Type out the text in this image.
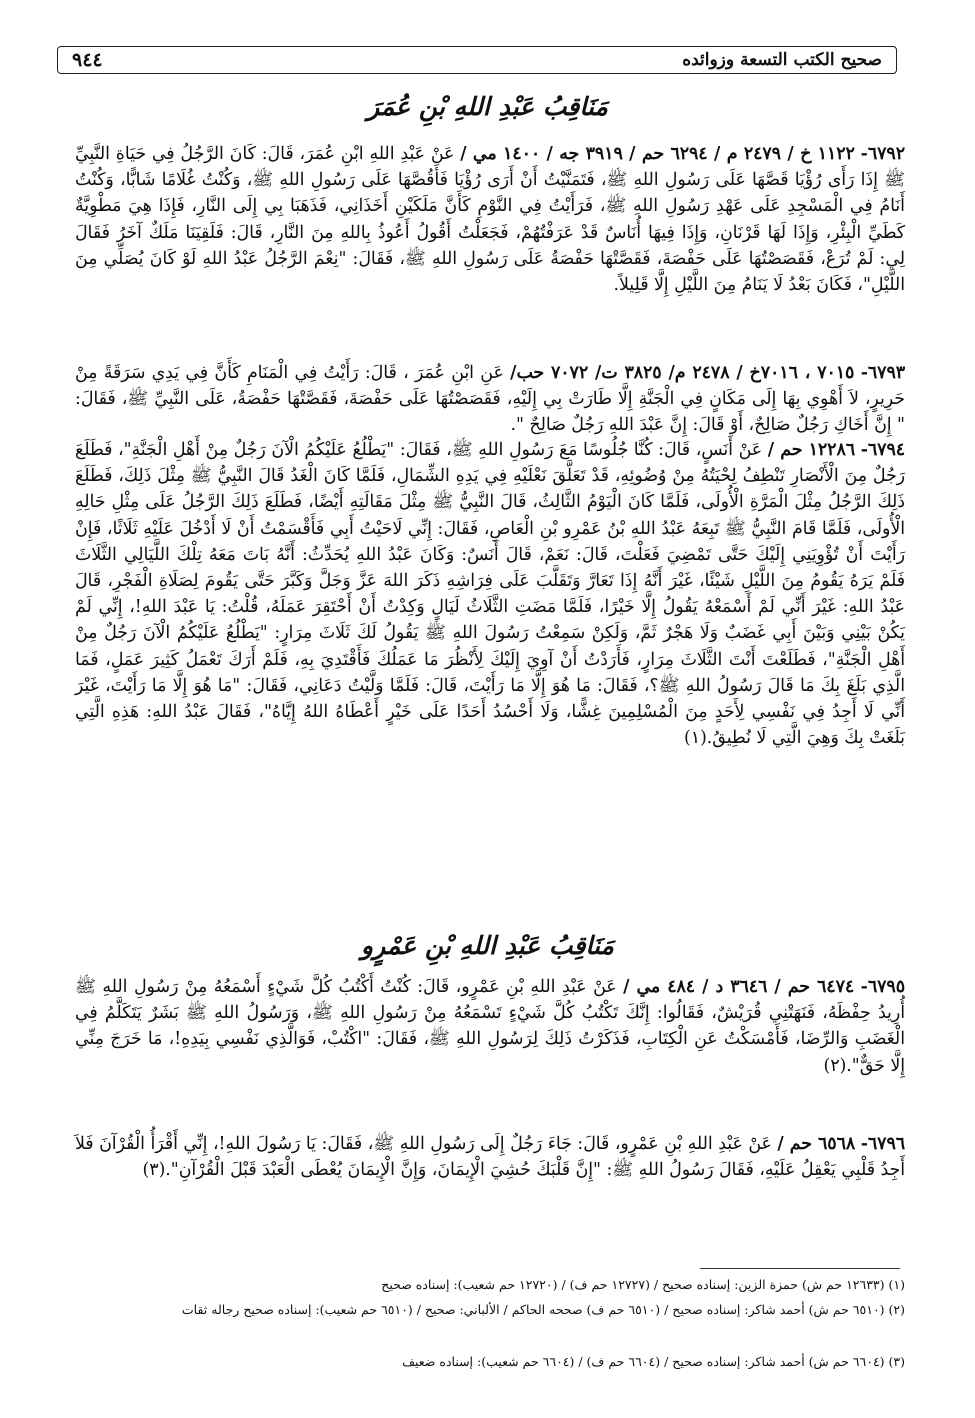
صحيح الكتب التسعة وزوائده
٩٤٤
مَنَاقِبُ عَبْدِ اللهِ بْنِ عُمَرَ
٦٧٩٢- ١١٢٢ خ / ٢٤٧٩ م / ٦٢٩٤ حم / ٣٩١٩ جه / ١٤٠٠ مي / عَنْ عَبْدِ اللهِ ابْنِ عُمَرَ، قَالَ: كَانَ الرَّجُلُ فِي حَيَاةِ النَّبِيِّ ﷺ إِذَا رَأَى رُؤْيَا قَصَّهَا عَلَى رَسُولِ اللهِ ﷺ، فَتَمَنَّيْتُ أَنْ أَرَى رُؤْيَا فَأَقُصَّهَا عَلَى رَسُولِ اللهِ ﷺ، وَكُنْتُ غُلَامًا شَابًّا، وَكُنْتُ أَنَامُ فِي الْمَسْجِدِ عَلَى عَهْدِ رَسُولِ اللهِ ﷺ، فَرَأَيْتُ فِي النَّوْمِ كَأَنَّ مَلَكَيْنِ أَخَذَانِي، فَذَهَبَا بِي إِلَى النَّارِ، فَإِذَا هِيَ مَطْوِيَّةٌ كَطَيِّ الْبِئْرِ، وَإِذَا لَهَا قَرْنَانِ، وَإِذَا فِيهَا أُنَاسٌ قَدْ عَرَفْتُهُمْ، فَجَعَلْتُ أَقُولُ أَعُوذُ بِاللهِ مِنَ النَّارِ، قَالَ: فَلَقِيَنَا مَلَكٌ آخَرُ فَقَالَ لِي: لَمْ تُرَعْ، فَقَصَصْتُهَا عَلَى حَفْصَةَ، فَقَصَّتْهَا حَفْصَةُ عَلَى رَسُولِ اللهِ ﷺ، فَقَالَ: "نِعْمَ الرَّجُلُ عَبْدُ اللهِ لَوْ كَانَ يُصَلِّي مِنَ اللَّيْلِ"، فَكَانَ بَعْدُ لَا يَنَامُ مِنَ اللَّيْلِ إِلَّا قَلِيلاً.
٦٧٩٣- ٧٠١٥ ، ٧٠١٦خ / ٢٤٧٨ م/ ٣٨٢٥ ت/ ٧٠٧٢ حب/ عَنِ ابْنِ عُمَرَ ، قَالَ: رَأَيْتُ فِي الْمَنَامِ كَأَنَّ فِي يَدِي سَرَقَةً مِنْ حَرِيرٍ، لاَ أَهْوِي بِهَا إِلَى مَكَانٍ فِي الْجَنَّةِ إِلَّا طَارَتْ بِي إِلَيْهِ، فَقَصَصْتُهَا عَلَى حَفْصَةَ، فَقَصَّتْهَا حَفْصَةُ، عَلَى النَّبِيِّ ﷺ، فَقَالَ: " إِنَّ أَخَاكِ رَجُلٌ صَالِحٌ، أَوْ قَالَ: إِنَّ عَبْدَ اللهِ رَجُلٌ صَالِحٌ ".
٦٧٩٤- ١٢٢٨٦ حم / عَنْ أَنَسٍ، قَالَ: كُنَّا جُلُوسًا مَعَ رَسُولِ اللهِ ﷺ، فَقَالَ: "يَطْلُعُ عَلَيْكُمُ الْآنَ رَجُلٌ مِنْ أَهْلِ الْجَنَّةِ"، فَطَلَعَ رَجُلٌ مِنَ الْأَنْصَارِ تَنْطِفُ لِحْيَتُهُ مِنْ وُضُوئِهِ، قَدْ تَعَلَّقَ نَعْلَيْهِ فِي يَدِهِ الشِّمَالِ، فَلَمَّا كَانَ الْغَدُ قَالَ النَّبِيُّ ﷺ مِثْلَ ذَلِكَ، فَطَلَعَ ذَلِكَ الرَّجُلُ مِثْلَ الْمَرَّةِ الْأُولَى، فَلَمَّا كَانَ الْيَوْمُ الثَّالِثُ، قَالَ النَّبِيُّ ﷺ مِثْلَ مَقَالَتِهِ أَيْضًا، فَطَلَعَ ذَلِكَ الرَّجُلُ عَلَى مِثْلِ حَالِهِ الْأُولَى، فَلَمَّا قَامَ النَّبِيُّ ﷺ تَبِعَهُ عَبْدُ اللهِ بْنُ عَمْرِو بْنِ الْعَاصِ، فَقَالَ: إِنِّي لَاحَيْتُ أَبِي فَأَقْسَمْتُ أَنْ لَا أَدْخُلَ عَلَيْهِ ثَلَاثًا، فَإِنْ رَأَيْتَ أَنْ تُؤْوِيَنِي إِلَيْكَ حَتَّى تَمْضِيَ فَعَلْتَ، قَالَ: نَعَمْ، قَالَ أَنَسٌ: وَكَانَ عَبْدُ اللهِ يُحَدِّثُ: أَنَّهُ بَاتَ مَعَهُ تِلْكَ اللَّيَالِي الثَّلَاثَ فَلَمْ يَرَهُ يَقُومُ مِنَ اللَّيْلِ شَيْئًا، غَيْرَ أَنَّهُ إِذَا تَعَارَّ وَتَقَلَّبَ عَلَى فِرَاشِهِ ذَكَرَ اللهَ عَزَّ وَجَلَّ وَكَبَّرَ حَتَّى يَقُومَ لِصَلَاةِ الْفَجْرِ، قَالَ عَبْدُ اللهِ: غَيْرَ أَنِّي لَمْ أَسْمَعْهُ يَقُولُ إِلَّا خَيْرًا، فَلَمَّا مَضَتِ الثَّلَاثُ لَيَالٍ وَكِدْتُ أَنْ أَحْتَقِرَ عَمَلَهُ، قُلْتُ: يَا عَبْدَ اللهِ!، إِنِّي لَمْ يَكُنْ بَيْنِي وَبَيْنَ أَبِي غَضَبٌ وَلَا هَجْرٌ ثَمَّ، وَلَكِنْ سَمِعْتُ رَسُولَ اللهِ ﷺ يَقُولُ لَكَ ثَلَاثَ مِرَارٍ: "يَطْلُعُ عَلَيْكُمُ الْآنَ رَجُلٌ مِنْ أَهْلِ الْجَنَّةِ"، فَطَلَعْتَ أَنْتَ الثَّلَاثَ مِرَارٍ، فَأَرَدْتُ أَنْ آوِيَ إِلَيْكَ لِأَنْظُرَ مَا عَمَلُكَ فَأَقْتَدِيَ بِهِ، فَلَمْ أَرَكَ تَعْمَلُ كَثِيرَ عَمَلٍ، فَمَا الَّذِي بَلَغَ بِكَ مَا قَالَ رَسُولُ اللهِ ﷺ؟، فَقَالَ: مَا هُوَ إِلَّا مَا رَأَيْتَ، قَالَ: فَلَمَّا وَلَّيْتُ دَعَانِي، فَقَالَ: "مَا هُوَ إِلَّا مَا رَأَيْتَ، غَيْرَ أَنِّي لَا أَجِدُ فِي نَفْسِي لِأَحَدٍ مِنَ الْمُسْلِمِينَ غِشًّا، وَلَا أَحْسُدُ أَحَدًا عَلَى خَيْرٍ أَعْطَاهُ اللهُ إِيَّاهُ"، فَقَالَ عَبْدُ اللهِ: هَذِهِ الَّتِي بَلَغَتْ بِكَ وَهِيَ الَّتِي لَا نُطِيقُ.(١)
مَنَاقِبُ عَبْدِ اللهِ بْنِ عَمْرٍو
٦٧٩٥- ٦٤٧٤ حم / ٣٦٤٦ د / ٤٨٤ مي / عَنْ عَبْدِ اللهِ بْنِ عَمْرٍو، قَالَ: كُنْتُ أَكْتُبُ كُلَّ شَيْءٍ أَسْمَعُهُ مِنْ رَسُولِ اللهِ ﷺ أُرِيدُ حِفْظَهُ، فَنَهَتْنِي قُرَيْشٌ، فَقَالُوا: إِنَّكَ تَكْتُبُ كُلَّ شَيْءٍ تَسْمَعُهُ مِنْ رَسُولِ اللهِ ﷺ، وَرَسُولُ اللهِ ﷺ بَشَرٌ يَتَكَلَّمُ فِي الْغَضَبِ وَالرِّضَا، فَأَمْسَكْتُ عَنِ الْكِتَابِ، فَذَكَرْتُ ذَلِكَ لِرَسُولِ اللهِ ﷺ، فَقَالَ: "اكْتُبْ، فَوَالَّذِي نَفْسِي بِيَدِهِ!، مَا خَرَجَ مِنِّي إِلَّا حَقٌّ".(٢)
٦٧٩٦- ٦٥٦٨ حم / عَنْ عَبْدِ اللهِ بْنِ عَمْرٍو، قَالَ: جَاءَ رَجُلٌ إِلَى رَسُولِ اللهِ ﷺ، فَقَالَ: يَا رَسُولَ اللهِ!، إِنِّي أَقْرَأُ الْقُرْآنَ فَلاَ أَجِدُ قَلْبِي يَعْقِلُ عَلَيْهِ، فَقَالَ رَسُولُ اللهِ ﷺ: "إِنَّ قَلْبَكَ حُشِيَ الْإِيمَانَ، وَإِنَّ الْإِيمَانَ يُعْطَى الْعَبْدَ قَبْلَ الْقُرْآنِ".(٣)
(١) (١٢٦٣٣ حم ش) حمزة الزين: إسناده صحيح / (١٢٧٢٧ حم ف) / (١٢٧٢٠ حم شعيب): إسناده صحيح
(٢) (٦٥١٠ حم ش) أحمد شاكر: إسناده صحيح / (٦٥١٠ حم ف) صححه الحاكم / الألباني: صحيح / (٦٥١٠ حم شعيب): إسناده صحيح رجاله ثقات
(٣) (٦٦٠٤ حم ش) أحمد شاكر: إسناده صحيح / (٦٦٠٤ حم ف) / (٦٦٠٤ حم شعيب): إسناده ضعيف
